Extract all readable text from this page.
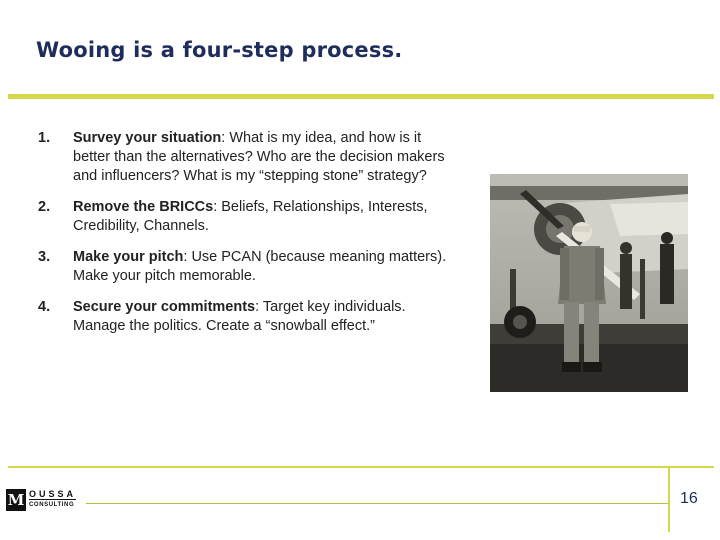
Wooing is a four-step process.
1.	Survey your situation: What is my idea, and how is it better than the alternatives? Who are the decision makers and influencers? What is my “stepping stone” strategy?
2.	Remove the BRICCs: Beliefs, Relationships, Interests, Credibility, Channels.
3.	Make your pitch: Use PCAN (because meaning matters). Make your pitch memorable.
4.	Secure your commitments: Target key individuals. Manage the politics. Create a “snowball effect.”
M OUSSA
CONSULTING	16
